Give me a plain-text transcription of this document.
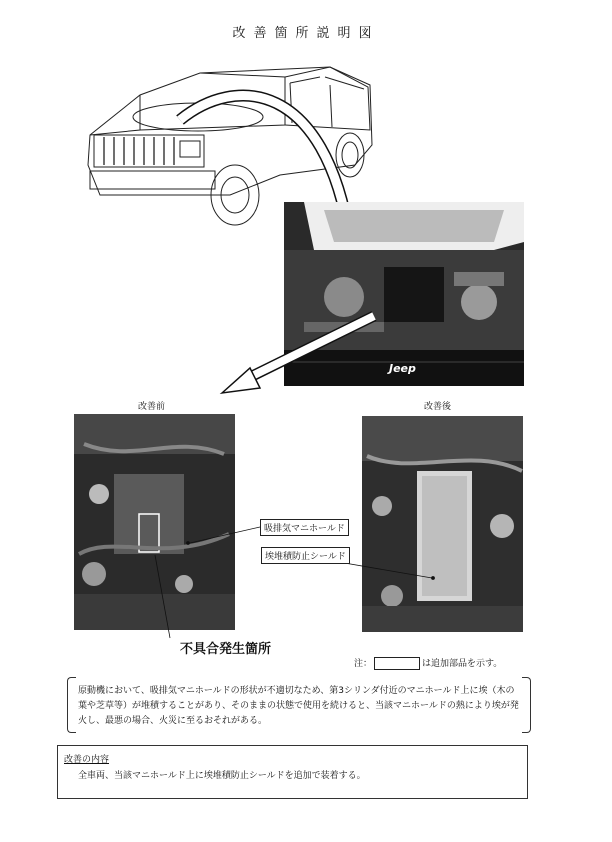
改善箇所説明図
Jeep
改善前	改善後
吸排気マニホールド
埃堆積防止シールド
不具合発生箇所
注：	は追加部品を示す。
原動機において、吸排気マニホールドの形状が不適切なため、第3シリンダ付近のマニホールド上に埃（木の葉や芝草等）が堆積することがあり、そのままの状態で使用を続けると、当該マニホールドの熱により埃が発火し、最悪の場合、火災に至るおそれがある。
改善の内容
全車両、当該マニホールド上に埃堆積防止シールドを追加で装着する。
